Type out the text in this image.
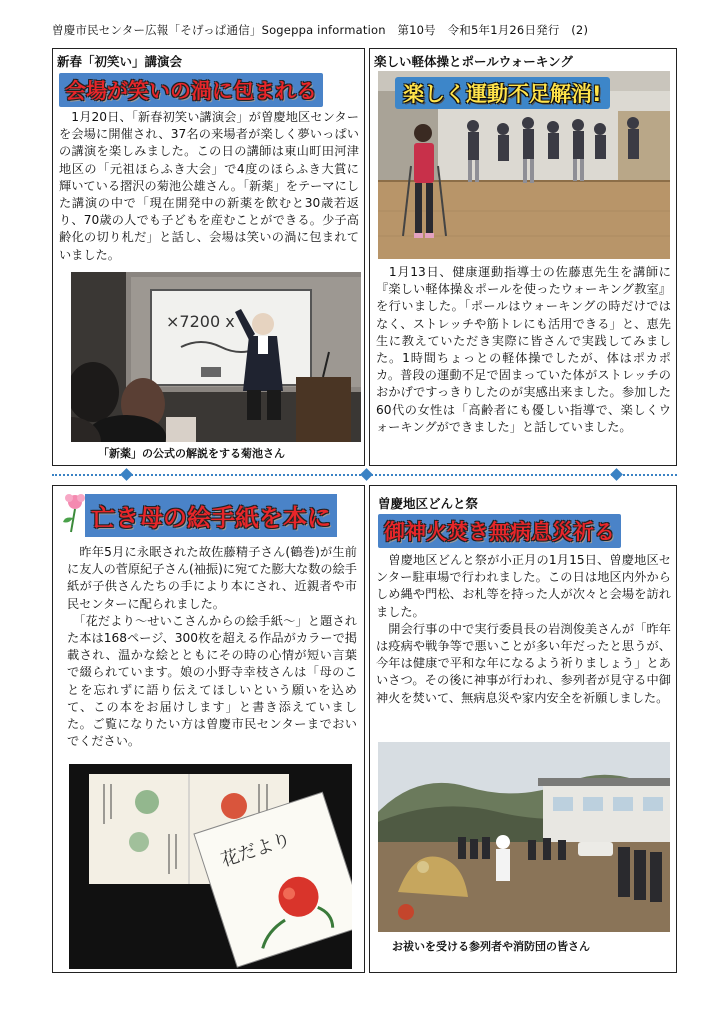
曽慶市民センター広報「そげっぱ通信」Sogeppa information　第10号　令和5年1月26日発行　(2)
新春「初笑い」講演会
会場が笑いの渦に包まれる
　1月20日、「新春初笑い講演会」が曽慶地区センターを会場に開催され、37名の来場者が楽しく夢いっぱいの講演を楽しみました。この日の講師は東山町田河津地区の「元祖ほらふき大会」で4度のほらふき大賞に輝いている摺沢の菊池公雄さん。「新薬」をテーマにした講演の中で「現在開発中の新薬を飲むと30歳若返り、70歳の人でも子どもを産むことができる。少子高齢化の切り札だ」と話し、会場は笑いの渦に包まれていました。
×7200 x
「新薬」の公式の解説をする菊池さん
楽しい軽体操とポールウォーキング
楽しく運動不足解消!
　1月13日、健康運動指導士の佐藤恵先生を講師に『楽しい軽体操＆ポールを使ったウォーキング教室』を行いました。「ポールはウォーキングの時だけではなく、ストレッチや筋トレにも活用できる」と、恵先生に教えていただき実際に皆さんで実践してみました。1時間ちょっとの軽体操でしたが、体はポカポカ。普段の運動不足で固まっていた体がストレッチのおかげですっきりしたのが実感出来ました。参加した60代の女性は「高齢者にも優しい指導で、楽しくウォーキングができました」と話していました。
亡き母の絵手紙を本に
　昨年5月に永眠された故佐藤精子さん(鶴巻)が生前に友人の菅原紀子さん(袖振)に宛てた膨大な数の絵手紙が子供さんたちの手により本にされ、近親者や市民センターに配られました。
　「花だより～せいこさんからの絵手紙～」と題された本は168ページ、300枚を超える作品がカラーで掲載され、温かな絵とともにその時の心情が短い言葉で綴られています。娘の小野寺幸枝さんは「母のことを忘れずに語り伝えてほしいという願いを込めて、この本をお届けします」と書き添えていました。ご覧になりたい方は曽慶市民センターまでおいでください。
花だより
曽慶地区どんと祭
御神火焚き無病息災祈る
　曽慶地区どんと祭が小正月の1月15日、曽慶地区センター駐車場で行われました。この日は地区内外からしめ縄や門松、お札等を持った人が次々と会場を訪れました。
　開会行事の中で実行委員長の岩渕俊美さんが「昨年は疫病や戦争等で悪いことが多い年だったと思うが、今年は健康で平和な年になるよう祈りましょう」とあいさつ。その後に神事が行われ、参列者が見守る中御神火を焚いて、無病息災や家内安全を祈願しました。
お祓いを受ける参列者や消防団の皆さん
